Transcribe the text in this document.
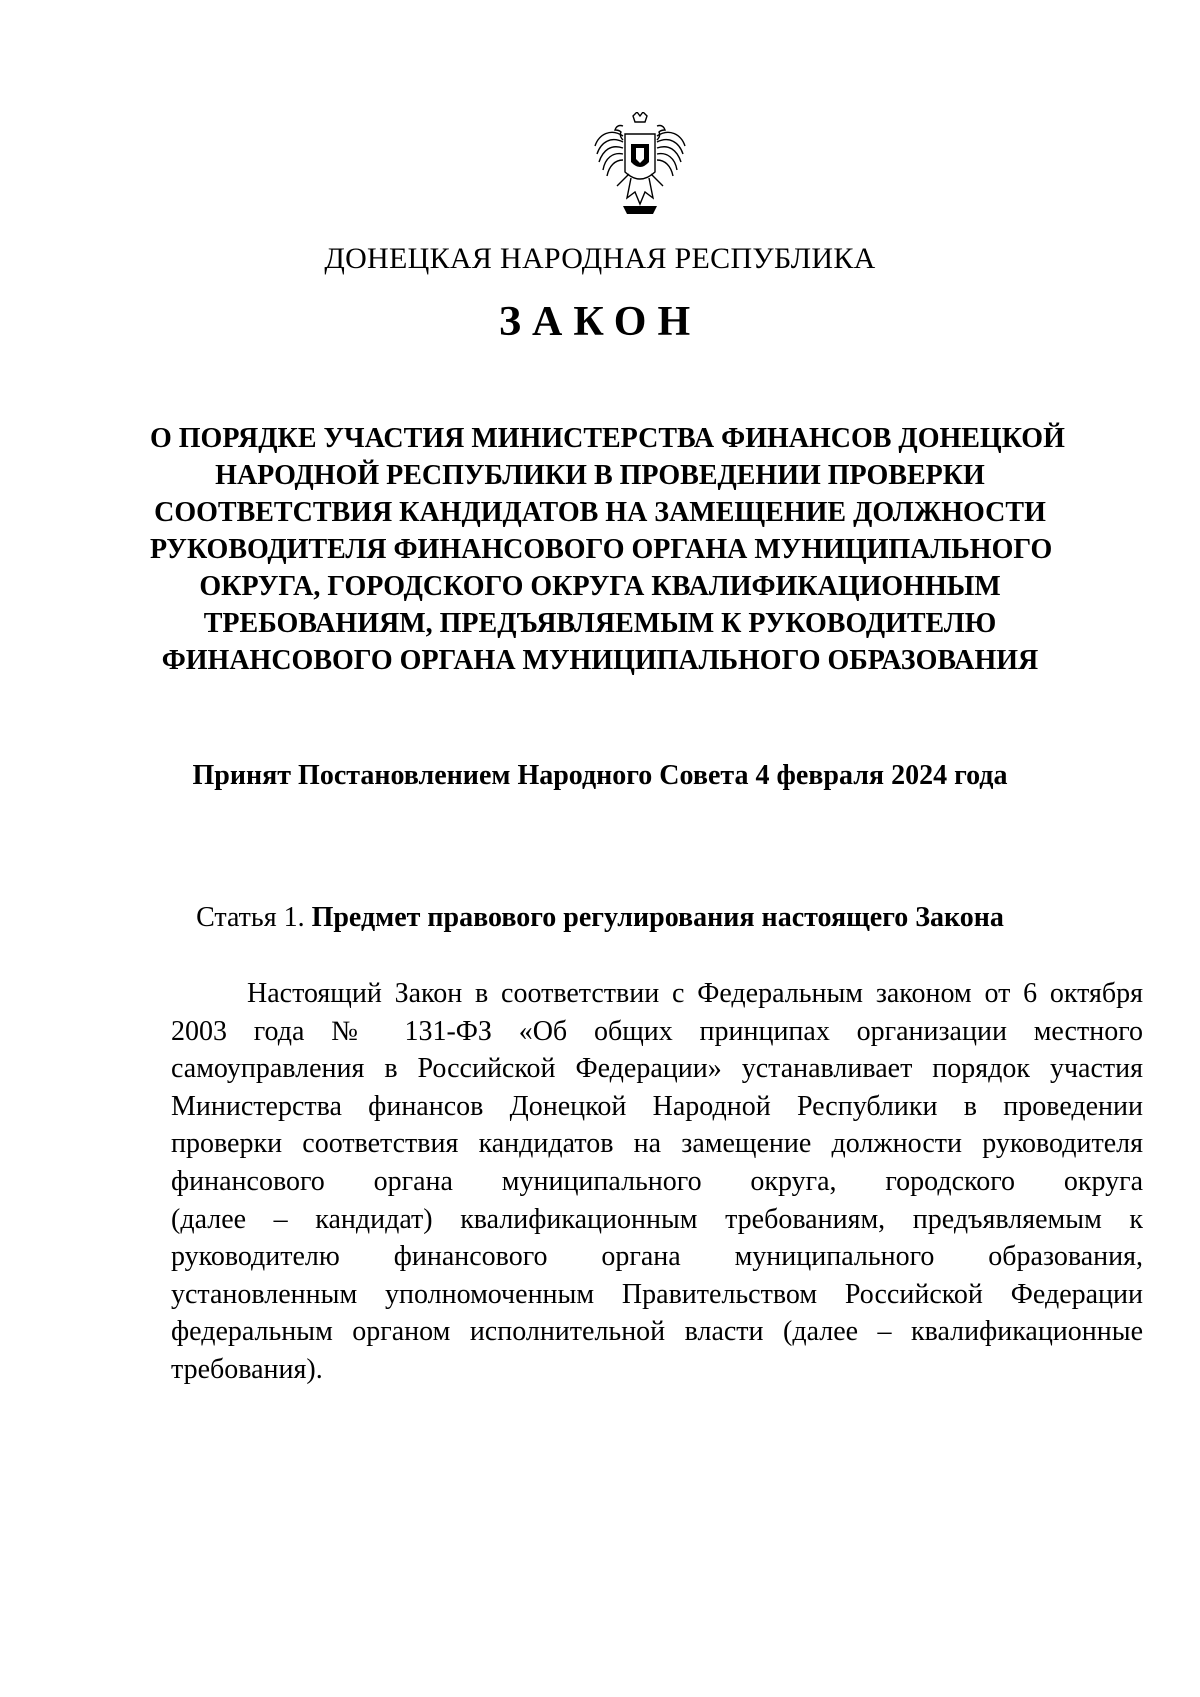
ДОНЕЦКАЯ НАРОДНАЯ РЕСПУБЛИКА
ЗАКОН
О ПОРЯДКЕ УЧАСТИЯ МИНИСТЕРСТВА ФИНАНСОВ ДОНЕЦКОЙ
НАРОДНОЙ РЕСПУБЛИКИ В ПРОВЕДЕНИИ ПРОВЕРКИ
СООТВЕТСТВИЯ КАНДИДАТОВ НА ЗАМЕЩЕНИЕ ДОЛЖНОСТИ
РУКОВОДИТЕЛЯ ФИНАНСОВОГО ОРГАНА МУНИЦИПАЛЬНОГО
ОКРУГА, ГОРОДСКОГО ОКРУГА КВАЛИФИКАЦИОННЫМ
ТРЕБОВАНИЯМ, ПРЕДЪЯВЛЯЕМЫМ К РУКОВОДИТЕЛЮ
ФИНАНСОВОГО ОРГАНА МУНИЦИПАЛЬНОГО ОБРАЗОВАНИЯ
Принят Постановлением Народного Совета 4 февраля 2024 года
Статья 1. Предмет правового регулирования настоящего Закона
Настоящий Закон в соответствии с Федеральным законом от 6 октября
2003 года № 131-ФЗ «Об общих принципах организации местного
самоуправления в Российской Федерации» устанавливает порядок участия
Министерства финансов Донецкой Народной Республики в проведении
проверки соответствия кандидатов на замещение должности руководителя
финансового органа муниципального округа, городского округа
(далее – кандидат) квалификационным требованиям, предъявляемым к
руководителю финансового органа муниципального образования,
установленным уполномоченным Правительством Российской Федерации
федеральным органом исполнительной власти (далее – квалификационные
требования).
